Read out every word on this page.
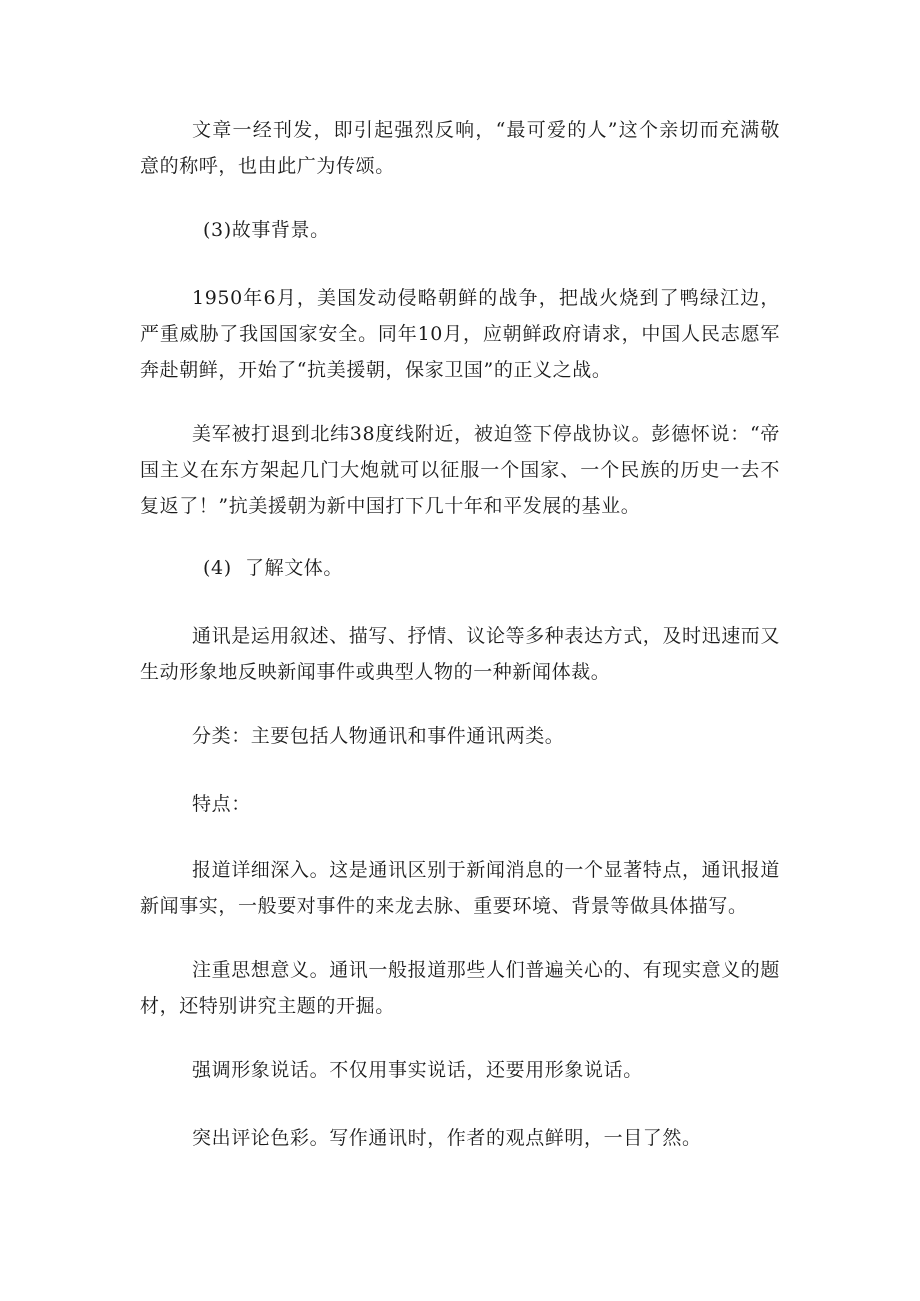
文章一经刊发，即引起强烈反响，“最可爱的人”这个亲切而充满敬意的称呼，也由此广为传颂。

(3)故事背景。

1950年6月，美国发动侵略朝鲜的战争，把战火烧到了鸭绿江边，严重威胁了我国国家安全。同年10月，应朝鲜政府请求，中国人民志愿军奔赴朝鲜，开始了“抗美援朝，保家卫国”的正义之战。

美军被打退到北纬38度线附近，被迫签下停战协议。彭德怀说：“帝国主义在东方架起几门大炮就可以征服一个国家、一个民族的历史一去不复返了！”抗美援朝为新中国打下几十年和平发展的基业。

(4)  了解文体。

通讯是运用叙述、描写、抒情、议论等多种表达方式，及时迅速而又生动形象地反映新闻事件或典型人物的一种新闻体裁。

分类：主要包括人物通讯和事件通讯两类。

特点：

报道详细深入。这是通讯区别于新闻消息的一个显著特点，通讯报道新闻事实，一般要对事件的来龙去脉、重要环境、背景等做具体描写。

注重思想意义。通讯一般报道那些人们普遍关心的、有现实意义的题材，还特别讲究主题的开掘。

强调形象说话。不仅用事实说话，还要用形象说话。

突出评论色彩。写作通讯时，作者的观点鲜明，一目了然。
